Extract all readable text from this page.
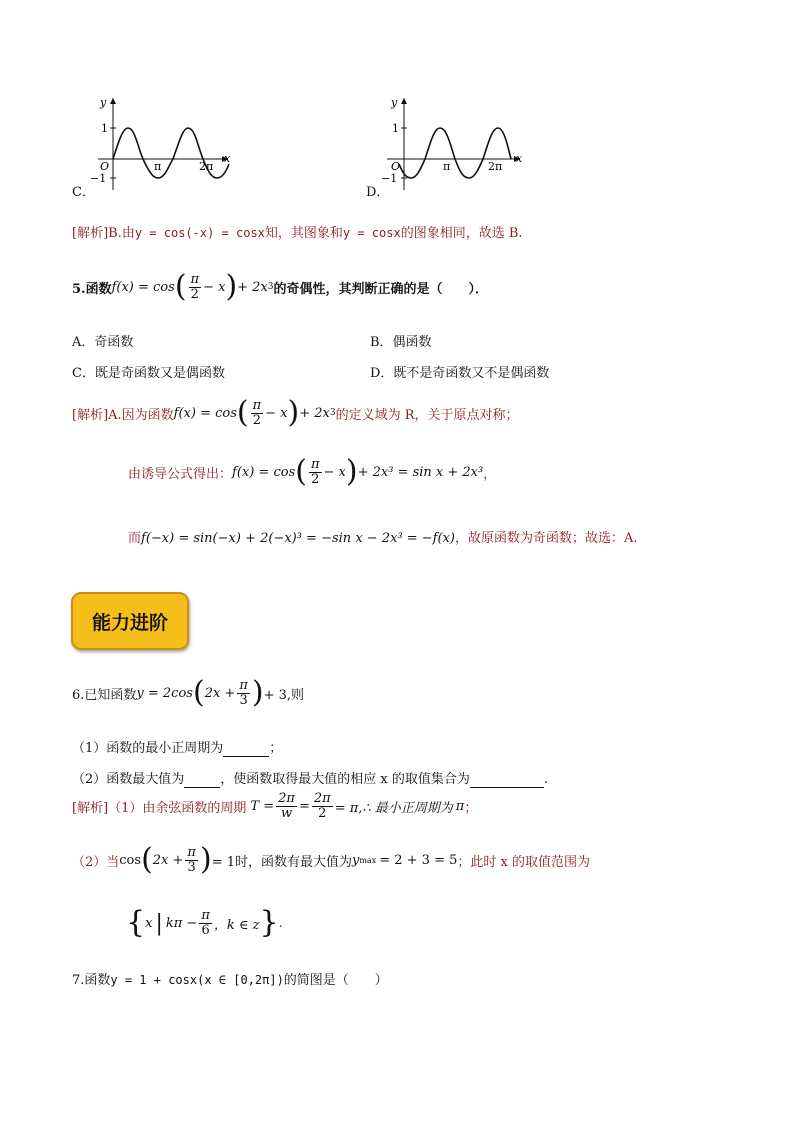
C．
y
x
1
−1
O	π	2π
D．
y
x
1
−1
O	π	2π
[解析]B.由y = cos(-x) = cosx知，其图象和y = cosx的图象相同，故选 B.
5.函数 f(x) = cos ( $\frac{\pi}{2} - x$ ) + 2x 3 的奇偶性，其判断正确的是（　　）．
A．奇函数	B．偶函数
C．既是奇函数又是偶函数	D．既不是奇函数又不是偶函数
[解析]A.因为函数 f(x) = cos ( $\frac{\pi}{2} - x$ ) + 2x 3 的定义域为 R，关于原点对称；
由诱导公式得出： f(x) = cos ( $\frac{\pi}{2} - x$ ) + 2x³ = sin x + 2x³ ，
而f(−x) = sin(−x) + 2(−x)³ = −sin x − 2x³ = −f(x)，故原函数为奇函数；故选：A.
能力进阶
6.已知函数 y = 2cos ( $2x + \frac{\pi}{3}$ ) + 3,则
（1）函数的最小正周期为	；
（2）函数最大值为	，使函数取得最大值的相应 x 的取值集合为	.
[解析]（1）由余弦函数的周期 $T = \frac{2\pi}{w} = \frac{2\pi}{2}$ = π,∴ 最小正周期为 π ；
（2）当 cos ( $2x + \frac{\pi}{3}$ ) = 1时，函数有最大值为 y max = 2 + 3 = 5 ；此时 x 的取值范围为
{ x | $k\pi - \frac{\pi}{6}$ ，k ∈ z } .
7.函数y = 1 + cosx(x ∈ [0,2π])的简图是（　　）
